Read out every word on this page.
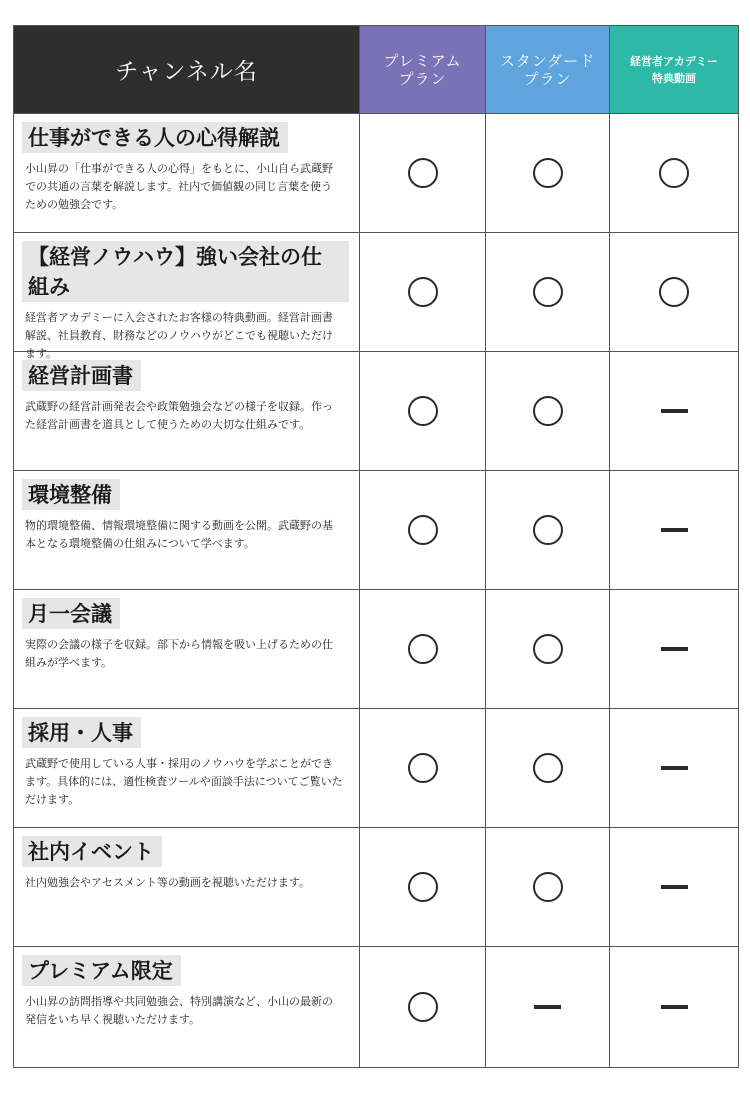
チャンネル名	プレミアム
プラン
スタンダード
プラン
経営者アカデミー
特典動画
仕事ができる人の心得解説
小山昇の「仕事ができる人の心得」をもとに、小山自ら武蔵野での共通の言葉を解説します。社内で価値観の同じ言葉を使うための勉強会です。
【経営ノウハウ】強い会社の仕組み
経営者アカデミーに入会されたお客様の特典動画。経営計画書解説、社員教育、財務などのノウハウがどこでも視聴いただけます。
経営計画書
武蔵野の経営計画発表会や政策勉強会などの様子を収録。作った経営計画書を道具として使うための大切な仕組みです。
環境整備
物的環境整備、情報環境整備に関する動画を公開。武蔵野の基本となる環境整備の仕組みについて学べます。
月一会議
実際の会議の様子を収録。部下から情報を吸い上げるための仕組みが学べます。
採用・人事
武蔵野で使用している人事・採用のノウハウを学ぶことができます。具体的には、適性検査ツールや面談手法についてご覧いただけます。
社内イベント
社内勉強会やアセスメント等の動画を視聴いただけます。
プレミアム限定
小山昇の訪問指導や共同勉強会、特別講演など、小山の最新の発信をいち早く視聴いただけます。
